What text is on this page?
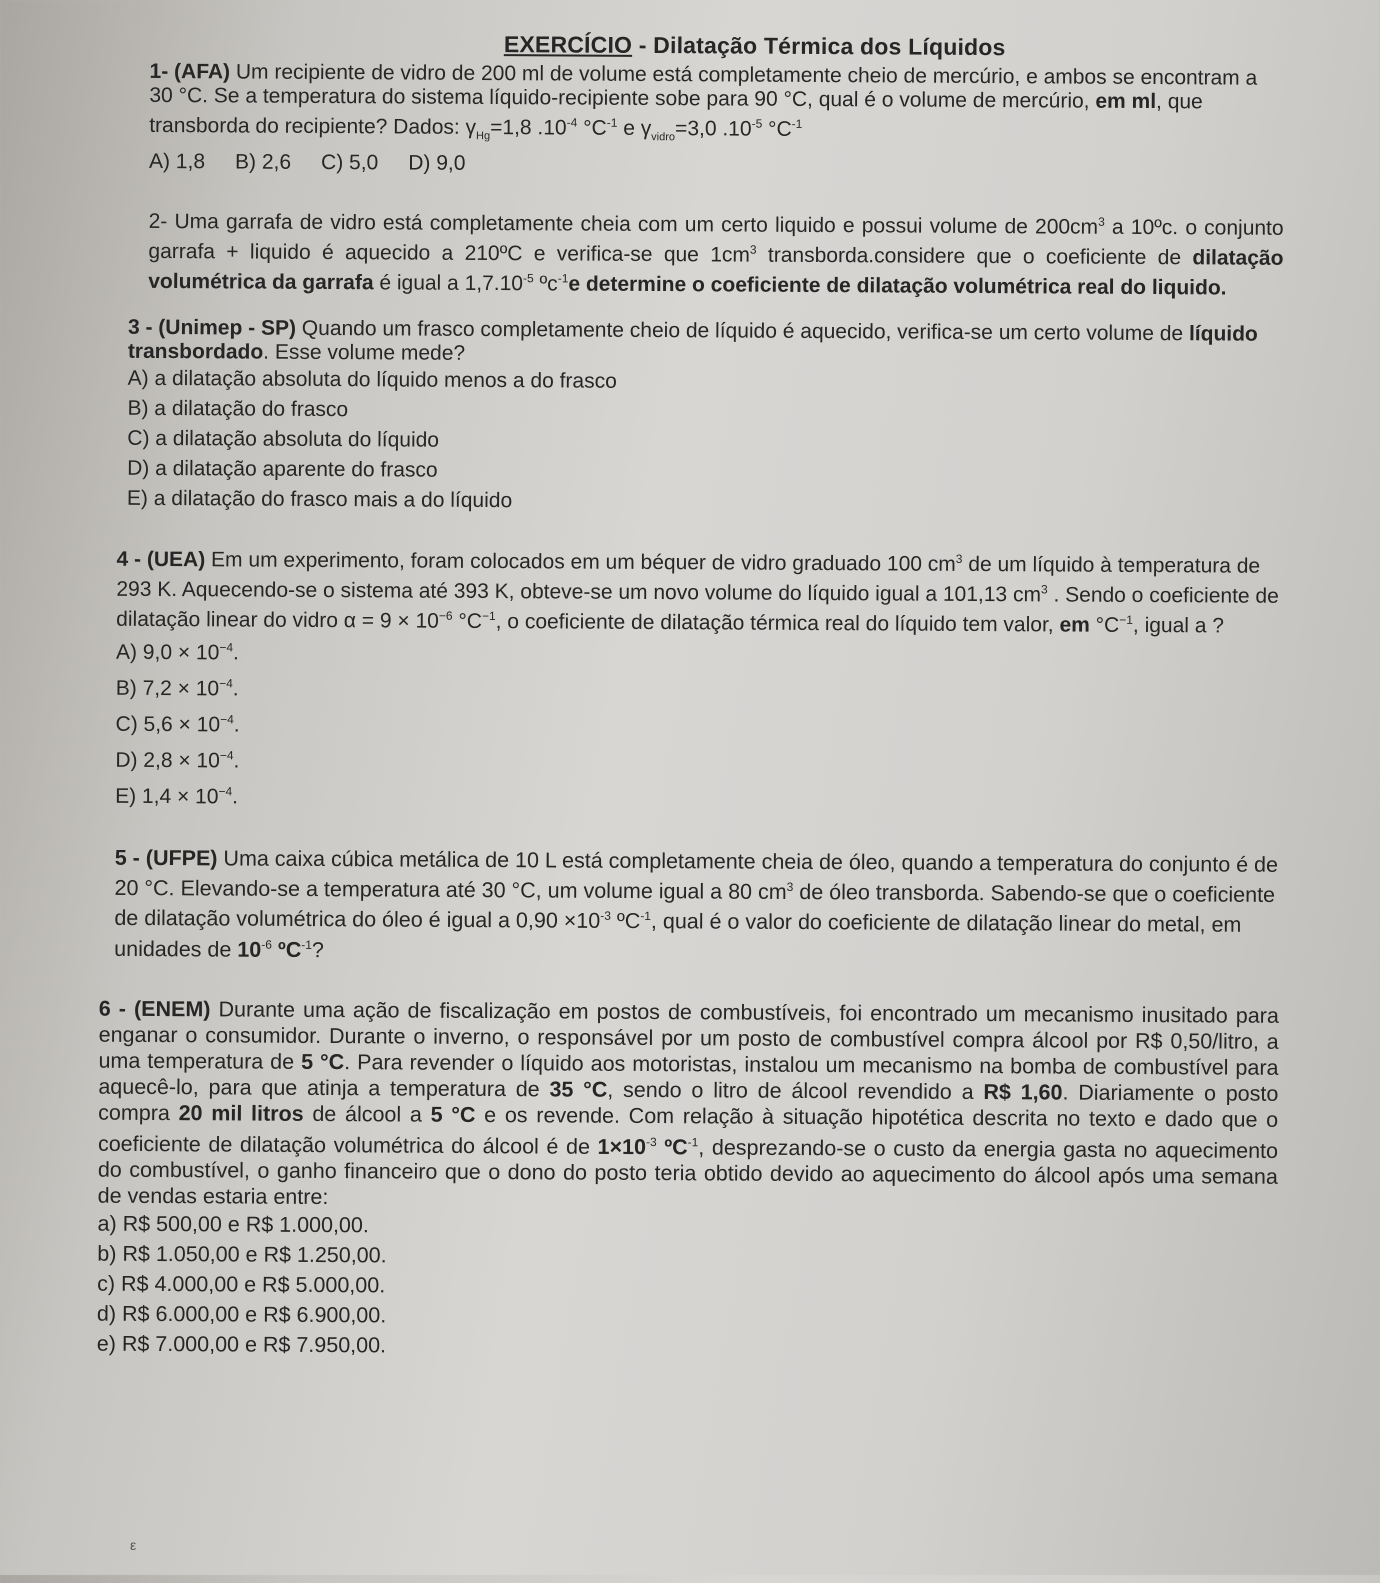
EXERCÍCIO - Dilatação Térmica dos Líquidos
1- (AFA) Um recipiente de vidro de 200 ml de volume está completamente cheio de mercúrio, e ambos se encontram a 30 °C. Se a temperatura do sistema líquido-recipiente sobe para 90 °C, qual é o volume de mercúrio, em ml, que transborda do recipiente? Dados: $\gamma_{Hg}=1,8$ $.10^{-4}$ $^\circ C^{-1}$ e $\gamma_{vidro}=3,0$ $.10^{-5}$ $^\circ C^{-1}$
A) 1,8 B) 2,6 C) 5,0 D) 9,0
2- Uma garrafa de vidro está completamente cheia com um certo liquido e possui volume de $200cm^3$ a 10ºc. o conjunto garrafa + liquido é aquecido a 210ºC e verifica-se que $1cm^3$ transborda.considere que o coeficiente de dilatação volumétrica da garrafa é igual a $1,7.10^{-5}$ ºc$^{-1}$e determine o coeficiente de dilatação volumétrica real do liquido.
3 - (Unimep - SP) Quando um frasco completamente cheio de líquido é aquecido, verifica-se um certo volume de líquido transbordado. Esse volume mede?
A) a dilatação absoluta do líquido menos a do frasco
B) a dilatação do frasco
C) a dilatação absoluta do líquido
D) a dilatação aparente do frasco
E) a dilatação do frasco mais a do líquido
4 - (UEA) Em um experimento, foram colocados em um béquer de vidro graduado 100 $cm^3$ de um líquido à temperatura de 293 K. Aquecendo-se o sistema até 393 K, obteve-se um novo volume do líquido igual a 101,13 $cm^3$ . Sendo o coeficiente de dilatação linear do vidro $\alpha = 9 \times 10^{-6}$ $^\circ C^{-1}$, o coeficiente de dilatação térmica real do líquido tem valor, em $^\circ C^{-1}$, igual a ?
A) $9,0 \times 10^{-4}$.
B) $7,2 \times 10^{-4}$.
C) $5,6 \times 10^{-4}$.
D) $2,8 \times 10^{-4}$.
E) $1,4 \times 10^{-4}$.
5 - (UFPE) Uma caixa cúbica metálica de 10 L está completamente cheia de óleo, quando a temperatura do conjunto é de 20 °C. Elevando-se a temperatura até 30 °C, um volume igual a 80 $cm^3$ de óleo transborda. Sabendo-se que o coeficiente de dilatação volumétrica do óleo é igual a $0,90 \times 10^{-3}$ ºC$^{-1}$, qual é o valor do coeficiente de dilatação linear do metal, em unidades de $10^{-6}$ ºC$^{-1}$?
6 - (ENEM) Durante uma ação de fiscalização em postos de combustíveis, foi encontrado um mecanismo inusitado para enganar o consumidor. Durante o inverno, o responsável por um posto de combustível compra álcool por R$ 0,50/litro, a uma temperatura de 5 °C. Para revender o líquido aos motoristas, instalou um mecanismo na bomba de combustível para aquecê-lo, para que atinja a temperatura de 35 °C, sendo o litro de álcool revendido a R$ 1,60. Diariamente o posto compra 20 mil litros de álcool a 5 °C e os revende. Com relação à situação hipotética descrita no texto e dado que o coeficiente de dilatação volumétrica do álcool é de $1\times 10^{-3}$ ºC$^{-1}$, desprezando-se o custo da energia gasta no aquecimento do combustível, o ganho financeiro que o dono do posto teria obtido devido ao aquecimento do álcool após uma semana de vendas estaria entre:
a) R$ 500,00 e R$ 1.000,00.
b) R$ 1.050,00 e R$ 1.250,00.
c) R$ 4.000,00 e R$ 5.000,00.
d) R$ 6.000,00 e R$ 6.900,00.
e) R$ 7.000,00 e R$ 7.950,00.
ε
